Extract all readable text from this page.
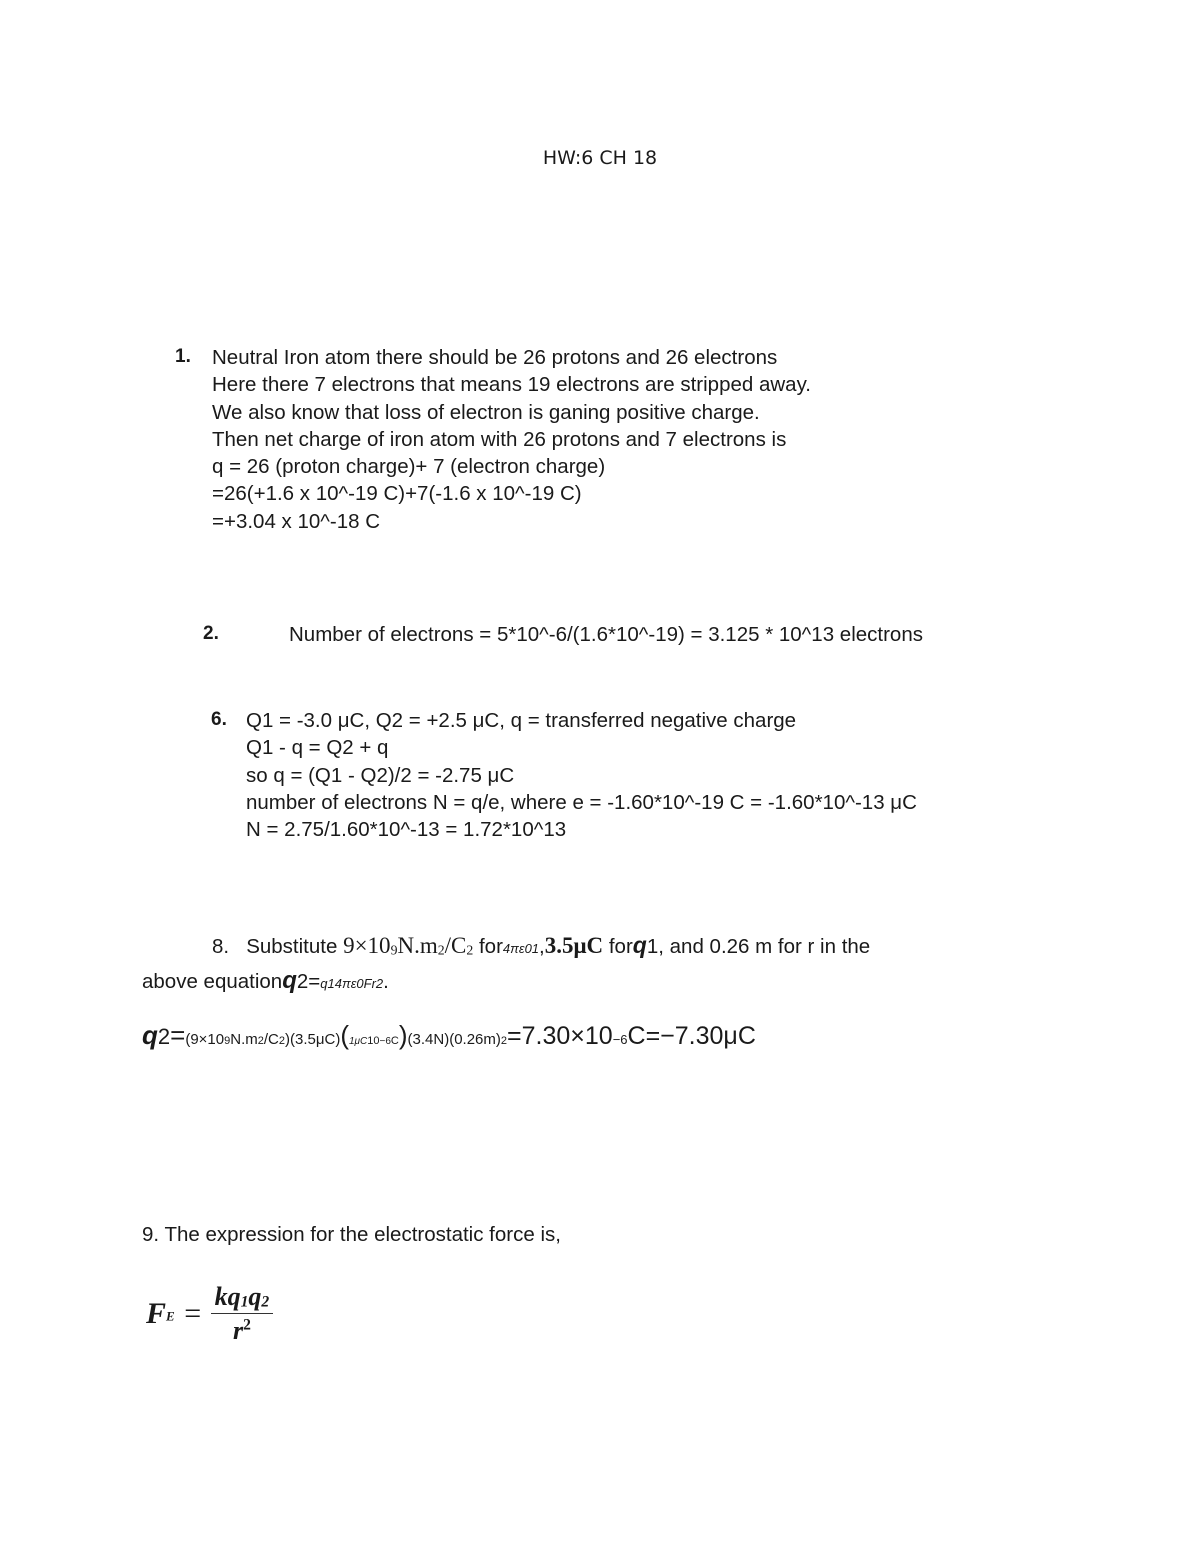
HW:6 CH 18
1. Neutral Iron atom there should be 26 protons and 26 electrons
Here there 7 electrons that means 19 electrons are stripped away.
We also know that loss of electron is ganing positive charge.
Then net charge of iron atom with 26 protons and 7 electrons is
q = 26 (proton charge)+ 7 (electron charge)
=26(+1.6 x 10^-19 C)+7(-1.6 x 10^-19 C)
=+3.04 x 10^-18 C
2.	Number of electrons = 5*10^-6/(1.6*10^-19) = 3.125 * 10^13 electrons
6. Q1 = -3.0 μC, Q2 = +2.5 μC, q = transferred negative charge
Q1 - q = Q2 + q
so q = (Q1 - Q2)/2 = -2.75 μC
number of electrons N = q/e, where e = -1.60*10^-19 C = -1.60*10^-13 μC
N = 2.75/1.60*10^-13 = 1.72*10^13
8. Substitute $9\times 10_9N.m_2/C_2$ for4πε01,3.5μC forq1, and 0.26 m for r in the
above equationq2=q14πε0Fr2.
q2=(9×109N.m2/C2)(3.5μC)(1μC10−6C)(3.4N)(0.26m)2=7.30×10−6C=−7.30μC
9. The expression for the electrostatic force is,
$F_E = \frac{kq_1q_2}{r^2}$
